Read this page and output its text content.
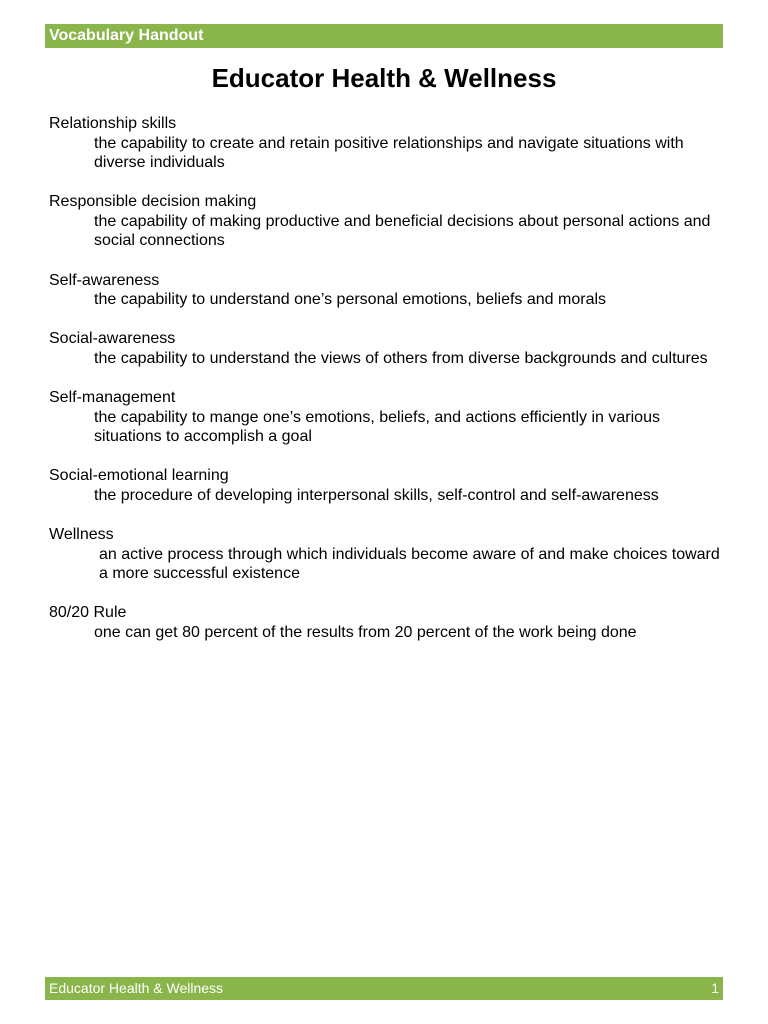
Vocabulary Handout
Educator Health & Wellness
Relationship skills
the capability to create and retain positive relationships and navigate situations with diverse individuals
Responsible decision making
the capability of making productive and beneficial decisions about personal actions and social connections
Self-awareness
the capability to understand one’s personal emotions, beliefs and morals
Social-awareness
the capability to understand the views of others from diverse backgrounds and cultures
Self-management
the capability to mange one’s emotions, beliefs, and actions efficiently in various situations to accomplish a goal
Social-emotional learning
the procedure of developing interpersonal skills, self-control and self-awareness
Wellness
an active process through which individuals become aware of and make choices toward a more successful existence
80/20 Rule
one can get 80 percent of the results from 20 percent of the work being done
Educator Health & Wellness	1
